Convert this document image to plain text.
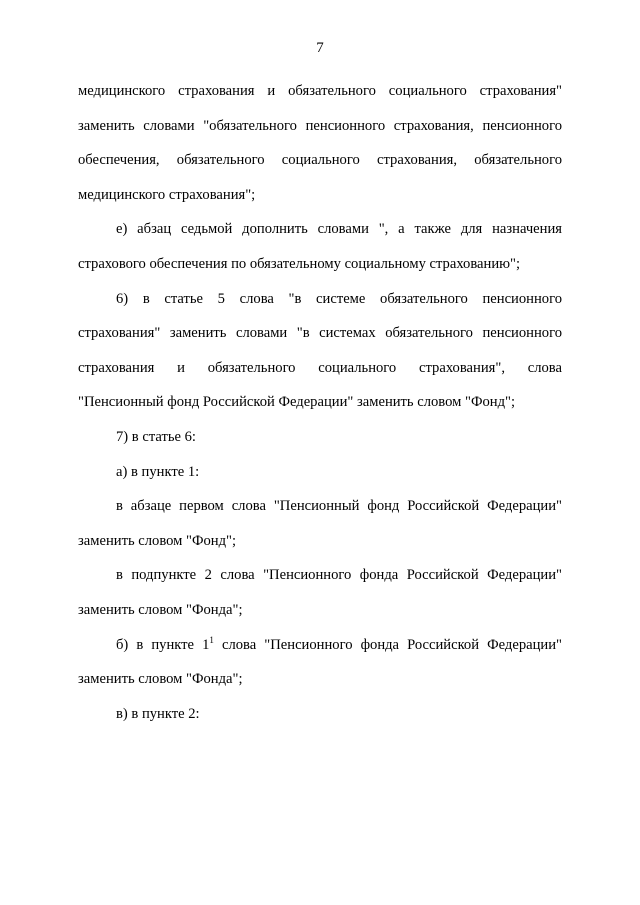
7
медицинского страхования и обязательного социального страхования"
заменить словами "обязательного пенсионного страхования, пенсионного
обеспечения, обязательного социального страхования, обязательного
медицинского страхования";
е) абзац седьмой дополнить словами ", а также для назначения
страхового обеспечения по обязательному социальному страхованию";
6) в статье 5 слова "в системе обязательного пенсионного
страхования" заменить словами "в системах обязательного пенсионного
страхования и обязательного социального страхования", слова
"Пенсионный фонд Российской Федерации" заменить словом "Фонд";
7) в статье 6:
а) в пункте 1:
в абзаце первом слова "Пенсионный фонд Российской Федерации"
заменить словом "Фонд";
в подпункте 2 слова "Пенсионного фонда Российской Федерации"
заменить словом "Фонда";
б) в пункте $1^1$ слова "Пенсионного фонда Российской Федерации"
заменить словом "Фонда";
в) в пункте 2:
